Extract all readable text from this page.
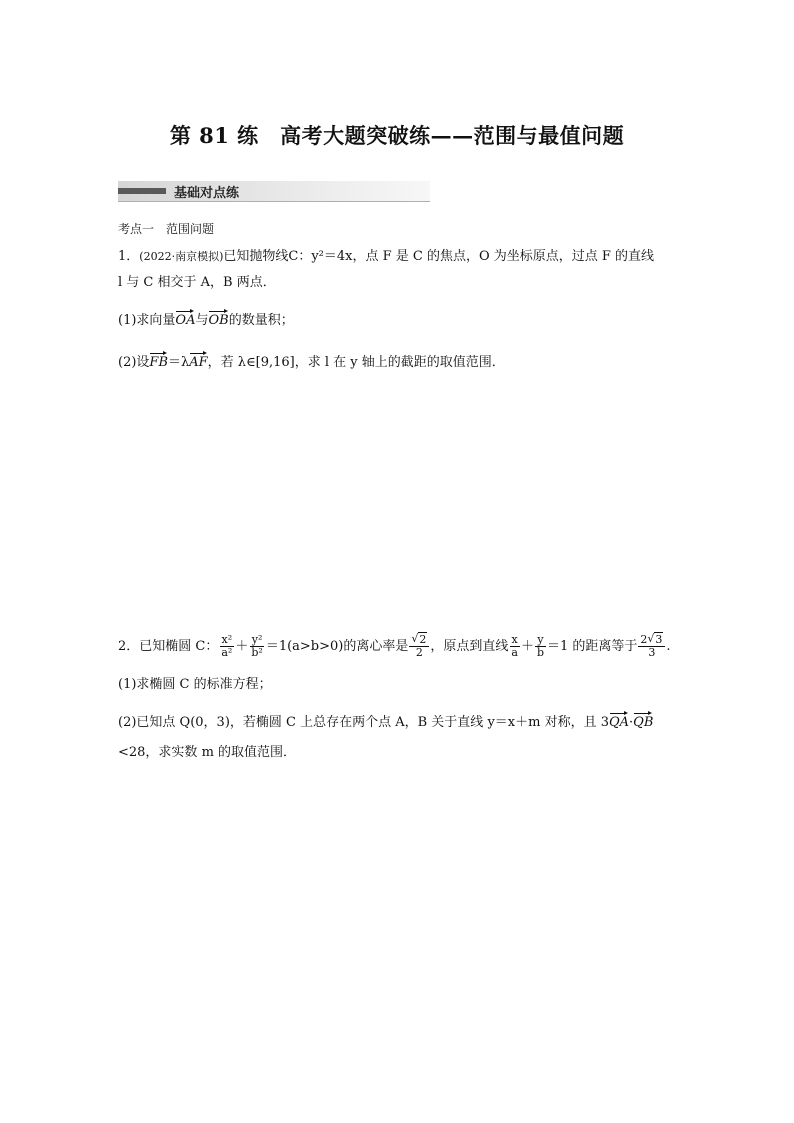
第 81 练　高考大题突破练——范围与最值问题
基础对点练
考点一　范围问题
1．(2022·南京模拟)已知抛物线C：y²＝4x，点 F 是 C 的焦点，O 为坐标原点，过点 F 的直线
l 与 C 相交于 A，B 两点．
(1)求向量OA与OB的数量积；
(2)设FB＝λAF，若 λ∈[9,16]，求 l 在 y 轴上的截距的取值范围．
2．已知椭圆 C： $\frac{\text{x²}}{\text{a²}} + \frac{\text{y²}}{\text{b²}} =1(a>b>0)$的离心率是 $\frac{√ 2}{2}$ ，原点到直线 $\frac{x}{a} + \frac{y}{b} =1$ 的距离等于 $\frac{2 √ 3}{3}$ .
(1)求椭圆 C 的标准方程；
(2)已知点 Q(0，3)，若椭圆 C 上总存在两个点 A，B 关于直线 y＝x＋m 对称，且 3QA·QB
<28，求实数 m 的取值范围．
